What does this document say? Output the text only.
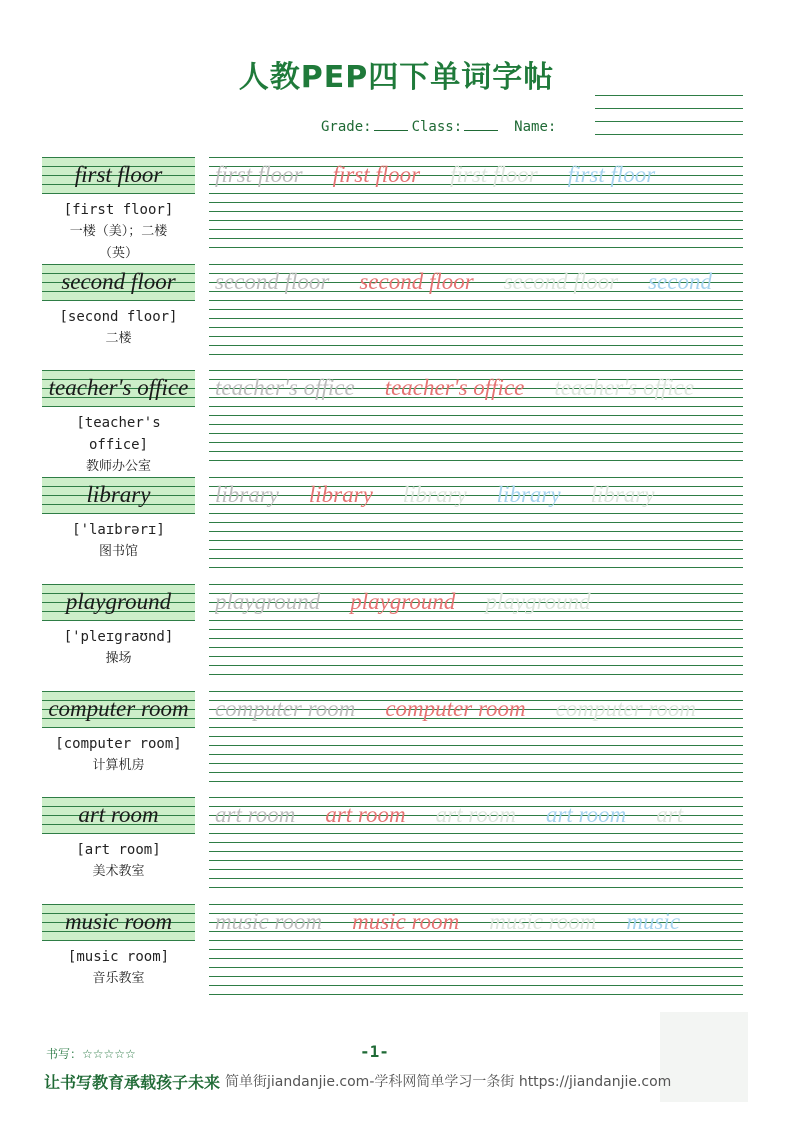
人教PEP四下单词字帖
Grade:	Class:	Name:
first floor
[first floor]
一楼（美）；二楼
（英）
first floor first floor first floor first floor
second floor
[second floor]
二楼
second floor second floor second floor second
teacher's office
[teacher's
office]
教师办公室
teacher's office teacher's office teacher's office
library
['laɪbrərɪ]
图书馆
library library library library library
playground
['pleɪgraʊnd]
操场
playground playground playground
computer room
[computer room]
计算机房
computer room computer room computer room
art room
[art room]
美术教室
art room art room art room art room art
music room
[music room]
音乐教室
music room music room music room music
书写：☆☆☆☆☆	-1-
让书写教育承载孩子未来 简单街jiandanjie.com-学科网简单学习一条街 https://jiandanjie.com
